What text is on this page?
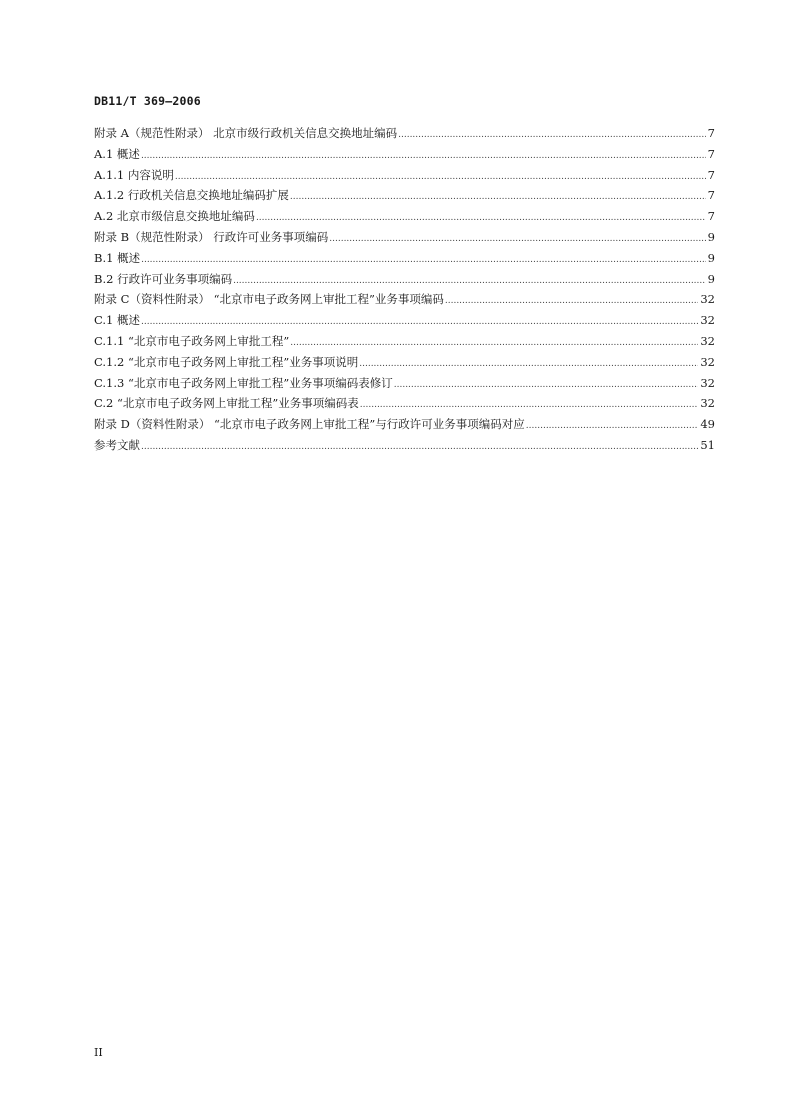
DB11/T 369—2006
附录 A（规范性附录） 北京市级行政机关信息交换地址编码 .....	7
A.1 概述 .....	7
A.1.1 内容说明 .....	7
A.1.2 行政机关信息交换地址编码扩展 .....	7
A.2 北京市级信息交换地址编码 .....	7
附录 B（规范性附录） 行政许可业务事项编码 .....	9
B.1 概述 .....	9
B.2 行政许可业务事项编码 .....	9
附录 C（资料性附录） “北京市电子政务网上审批工程”业务事项编码 .....	32
C.1 概述 .....	32
C.1.1 “北京市电子政务网上审批工程” .....	32
C.1.2 “北京市电子政务网上审批工程”业务事项说明 .....	32
C.1.3 “北京市电子政务网上审批工程”业务事项编码表修订 .....	32
C.2 “北京市电子政务网上审批工程”业务事项编码表 .....	32
附录 D（资料性附录） “北京市电子政务网上审批工程”与行政许可业务事项编码对应 .....	49
参考文献 .....	51
II
